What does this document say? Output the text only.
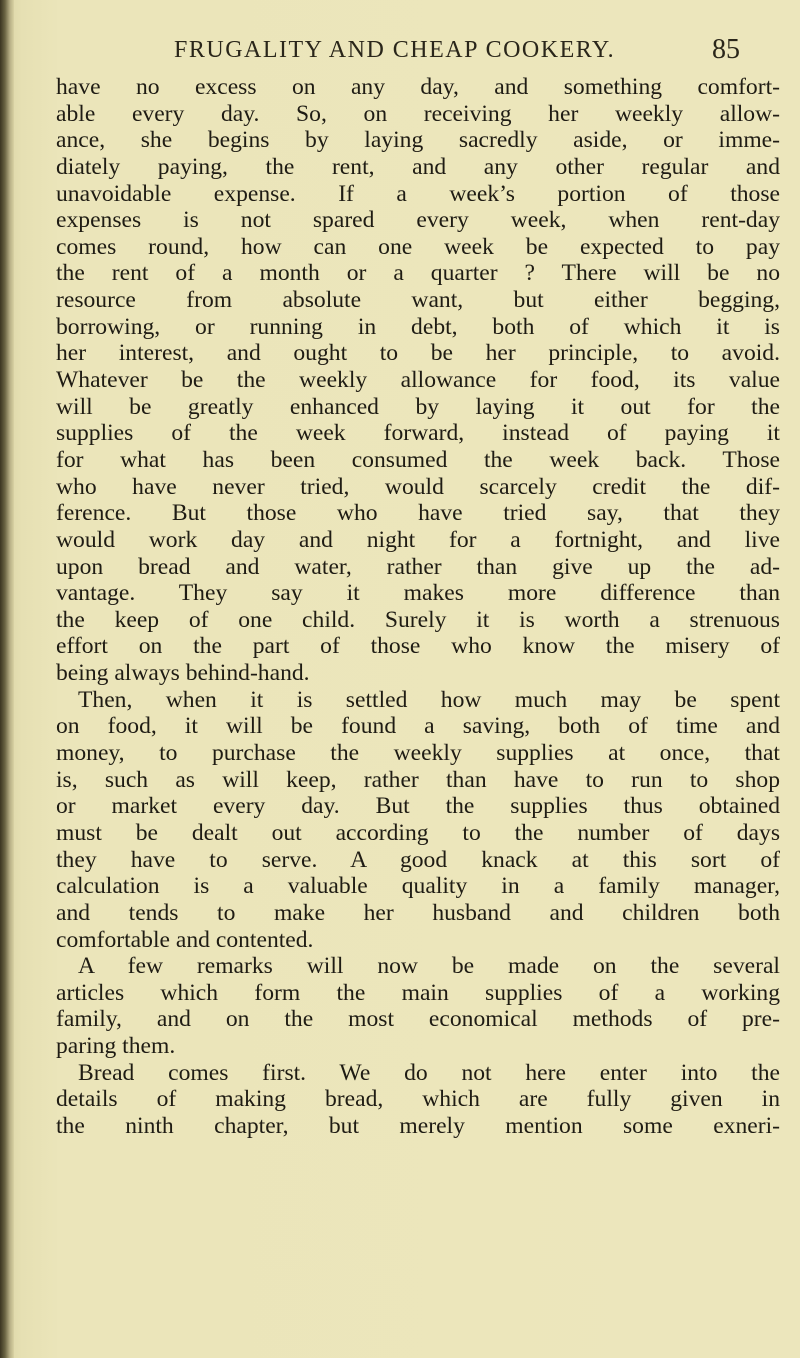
FRUGALITY AND CHEAP COOKERY.	85
have no excess on any day, and something comfort-
able every day. So, on receiving her weekly allow-
ance, she begins by laying sacredly aside, or imme-
diately paying, the rent, and any other regular and
unavoidable expense. If a week’s portion of those
expenses is not spared every week, when rent-day
comes round, how can one week be expected to pay
the rent of a month or a quarter ? There will be no
resource from absolute want, but either begging,
borrowing, or running in debt, both of which it is
her interest, and ought to be her principle, to avoid.
Whatever be the weekly allowance for food, its value
will be greatly enhanced by laying it out for the
supplies of the week forward, instead of paying it
for what has been consumed the week back. Those
who have never tried, would scarcely credit the dif-
ference. But those who have tried say, that they
would work day and night for a fortnight, and live
upon bread and water, rather than give up the ad-
vantage. They say it makes more difference than
the keep of one child. Surely it is worth a strenuous
effort on the part of those who know the misery of
being always behind-hand.
Then, when it is settled how much may be spent
on food, it will be found a saving, both of time and
money, to purchase the weekly supplies at once, that
is, such as will keep, rather than have to run to shop
or market every day. But the supplies thus obtained
must be dealt out according to the number of days
they have to serve. A good knack at this sort of
calculation is a valuable quality in a family manager,
and tends to make her husband and children both
comfortable and contented.
A few remarks will now be made on the several
articles which form the main supplies of a working
family, and on the most economical methods of pre-
paring them.
Bread comes first. We do not here enter into the
details of making bread, which are fully given in
the ninth chapter, but merely mention some exneri-
